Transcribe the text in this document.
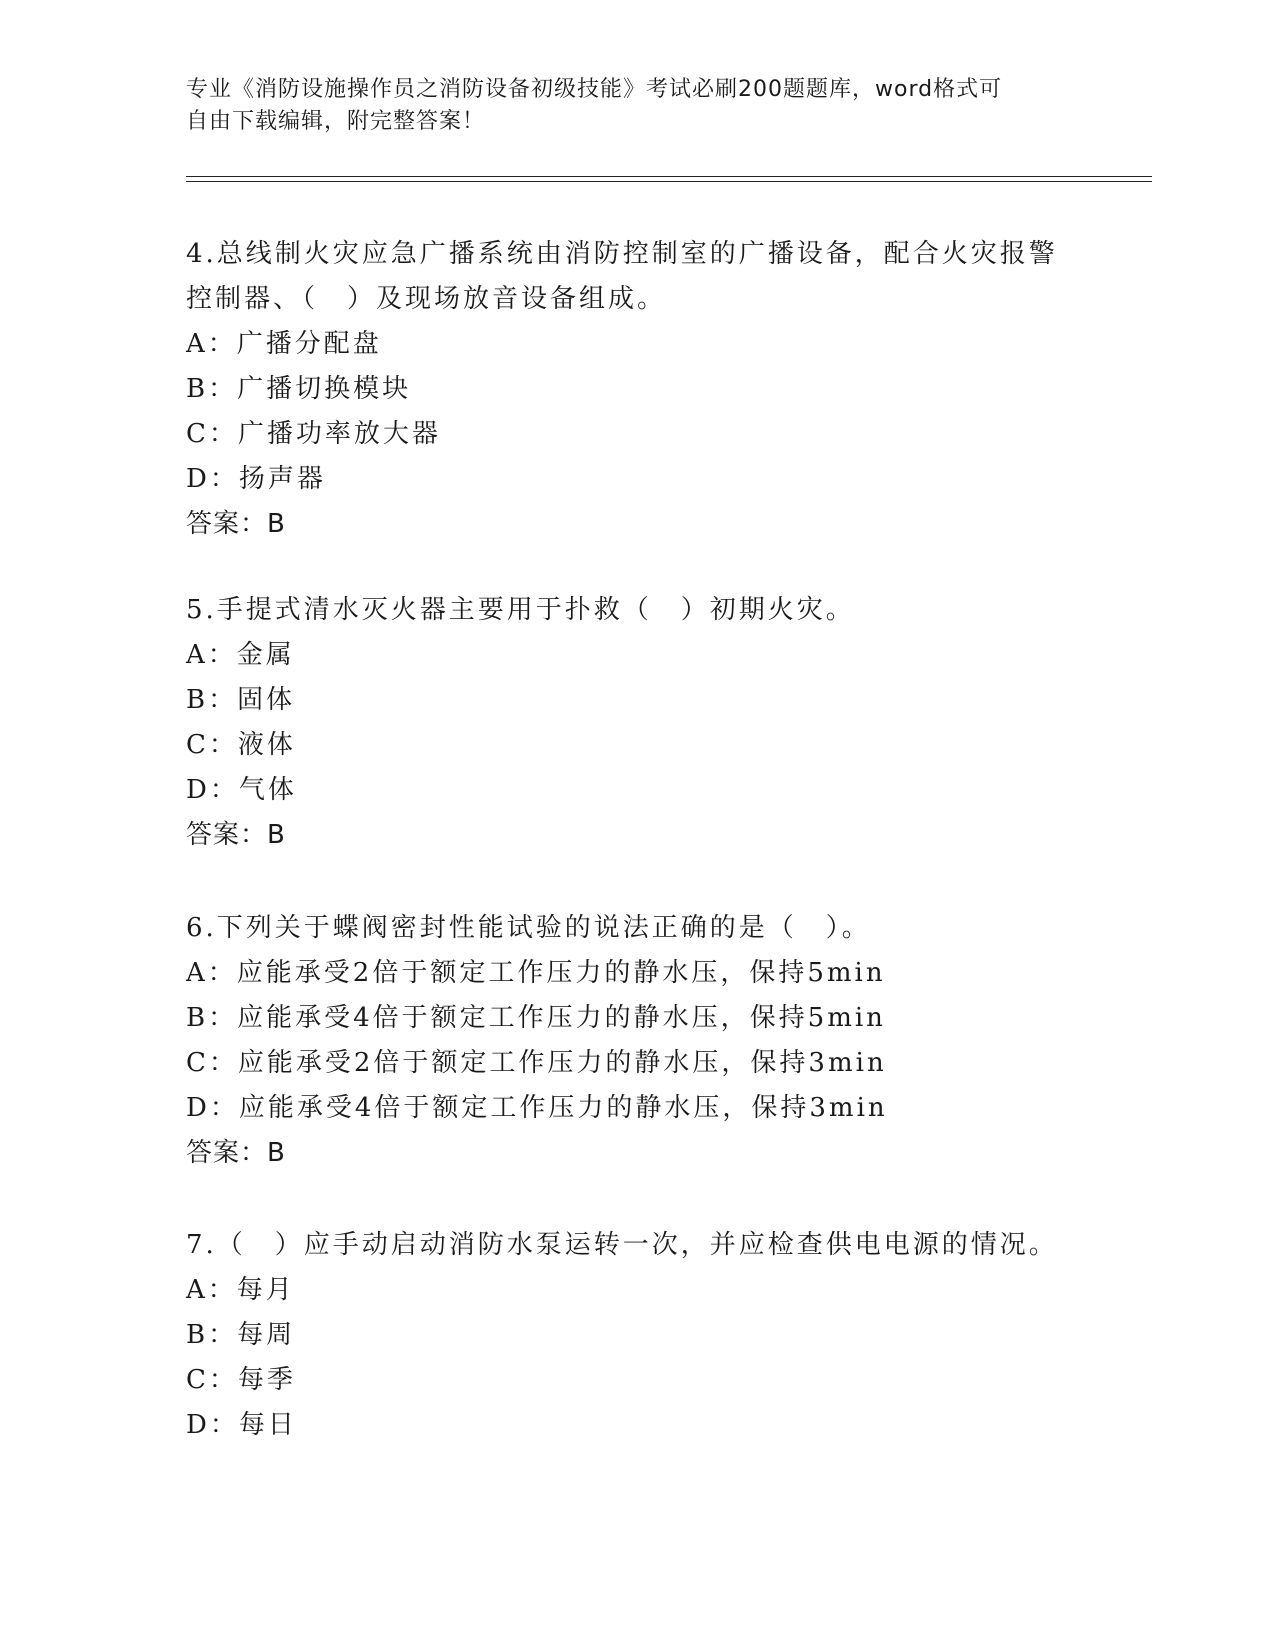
专业《消防设施操作员之消防设备初级技能》考试必刷200题题库，word格式可
自由下载编辑，附完整答案！
4.总线制火灾应急广播系统由消防控制室的广播设备，配合火灾报警
控制器、（　）及现场放音设备组成。
A：广播分配盘
B：广播切换模块
C：广播功率放大器
D：扬声器
答案：B
5.手提式清水灭火器主要用于扑救（　）初期火灾。
A：金属
B：固体
C：液体
D：气体
答案：B
6.下列关于蝶阀密封性能试验的说法正确的是（　）。
A：应能承受2倍于额定工作压力的静水压，保持5min
B：应能承受4倍于额定工作压力的静水压，保持5min
C：应能承受2倍于额定工作压力的静水压，保持3min
D：应能承受4倍于额定工作压力的静水压，保持3min
答案：B
7.（　）应手动启动消防水泵运转一次，并应检查供电电源的情况。
A：每月
B：每周
C：每季
D：每日
